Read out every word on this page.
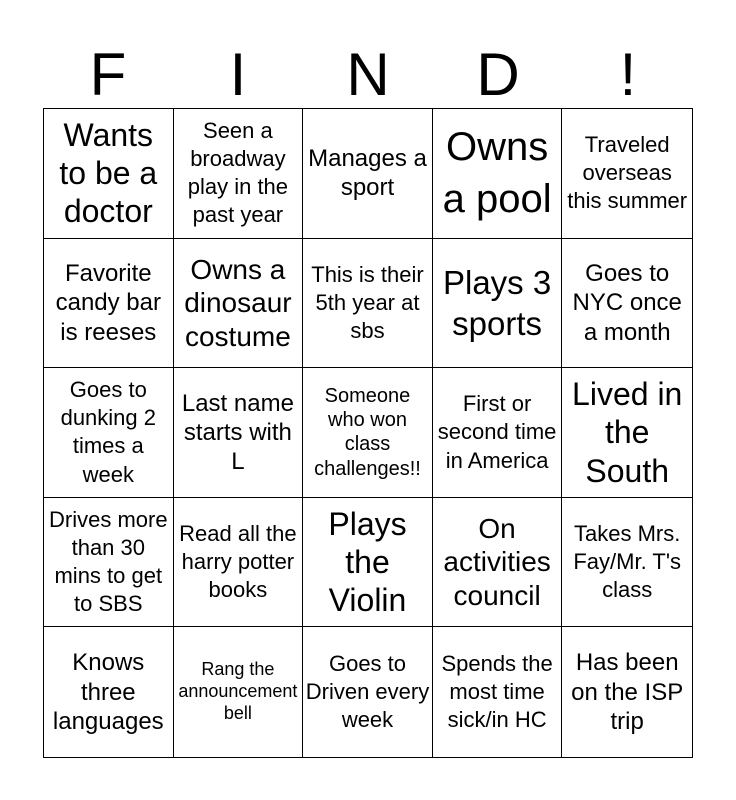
F	I	N	D	!
Wants to be a doctor
Seen a broadway play in the past year
Manages a sport
Owns a pool
Traveled overseas this summer
Favorite candy bar is reeses
Owns a dinosaur costume
This is their 5th year at sbs
Plays 3 sports
Goes to NYC once a month
Goes to dunking 2 times a week
Last name starts with L
Someone who won class challenges!!
First or second time in America
Lived in the South
Drives more than 30 mins to get to SBS
Read all the harry potter books
Plays the Violin
On activities council
Takes Mrs. Fay/Mr. T's class
Knows three languages
Rang the announcement bell
Goes to Driven every week
Spends the most time sick/in HC
Has been on the ISP trip
